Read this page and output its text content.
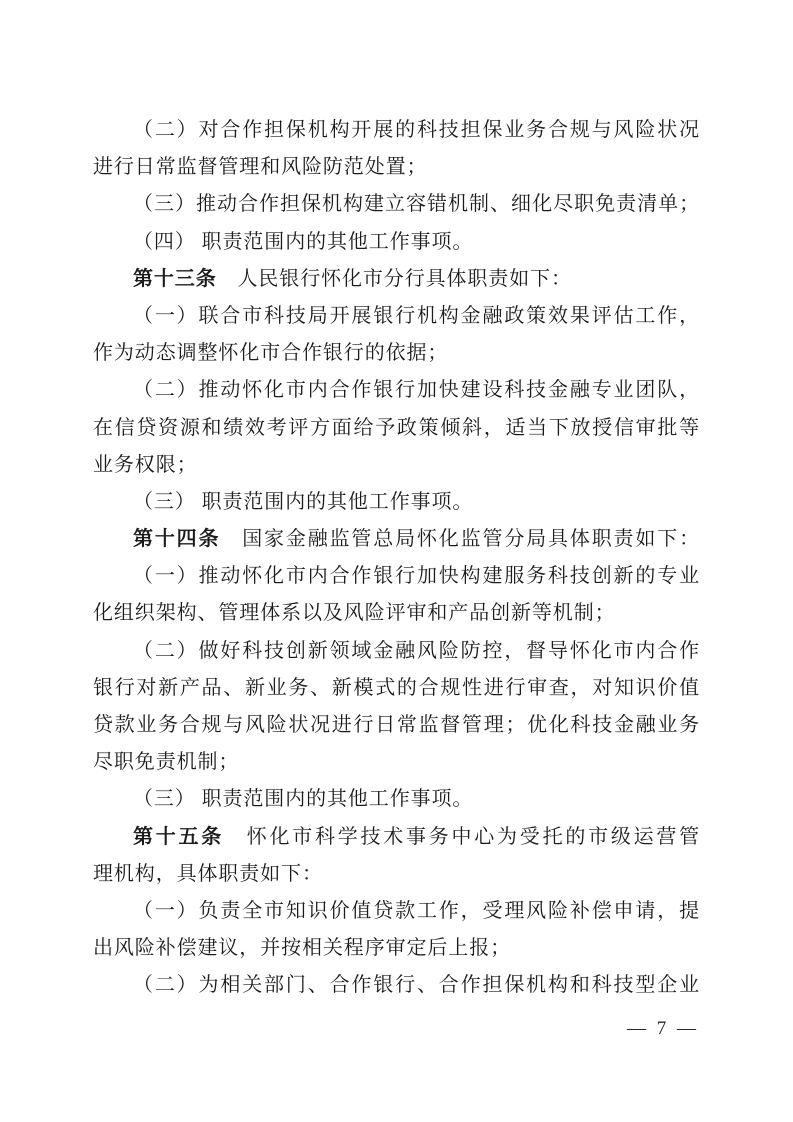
（二）对合作担保机构开展的科技担保业务合规与风险状况
进行日常监督管理和风险防范处置；
（三）推动合作担保机构建立容错机制、细化尽职免责清单；
（四） 职责范围内的其他工作事项。
第十三条　人民银行怀化市分行具体职责如下：
（一）联合市科技局开展银行机构金融政策效果评估工作，
作为动态调整怀化市合作银行的依据；
（二）推动怀化市内合作银行加快建设科技金融专业团队，
在信贷资源和绩效考评方面给予政策倾斜，适当下放授信审批等
业务权限；
（三） 职责范围内的其他工作事项。
第十四条　国家金融监管总局怀化监管分局具体职责如下：
（一）推动怀化市内合作银行加快构建服务科技创新的专业
化组织架构、管理体系以及风险评审和产品创新等机制；
（二）做好科技创新领域金融风险防控，督导怀化市内合作
银行对新产品、新业务、新模式的合规性进行审查，对知识价值
贷款业务合规与风险状况进行日常监督管理；优化科技金融业务
尽职免责机制；
（三） 职责范围内的其他工作事项。
第十五条　怀化市科学技术事务中心为受托的市级运营管
理机构，具体职责如下：
（一）负责全市知识价值贷款工作，受理风险补偿申请，提
出风险补偿建议，并按相关程序审定后上报；
（二）为相关部门、合作银行、合作担保机构和科技型企业
— 7 —
